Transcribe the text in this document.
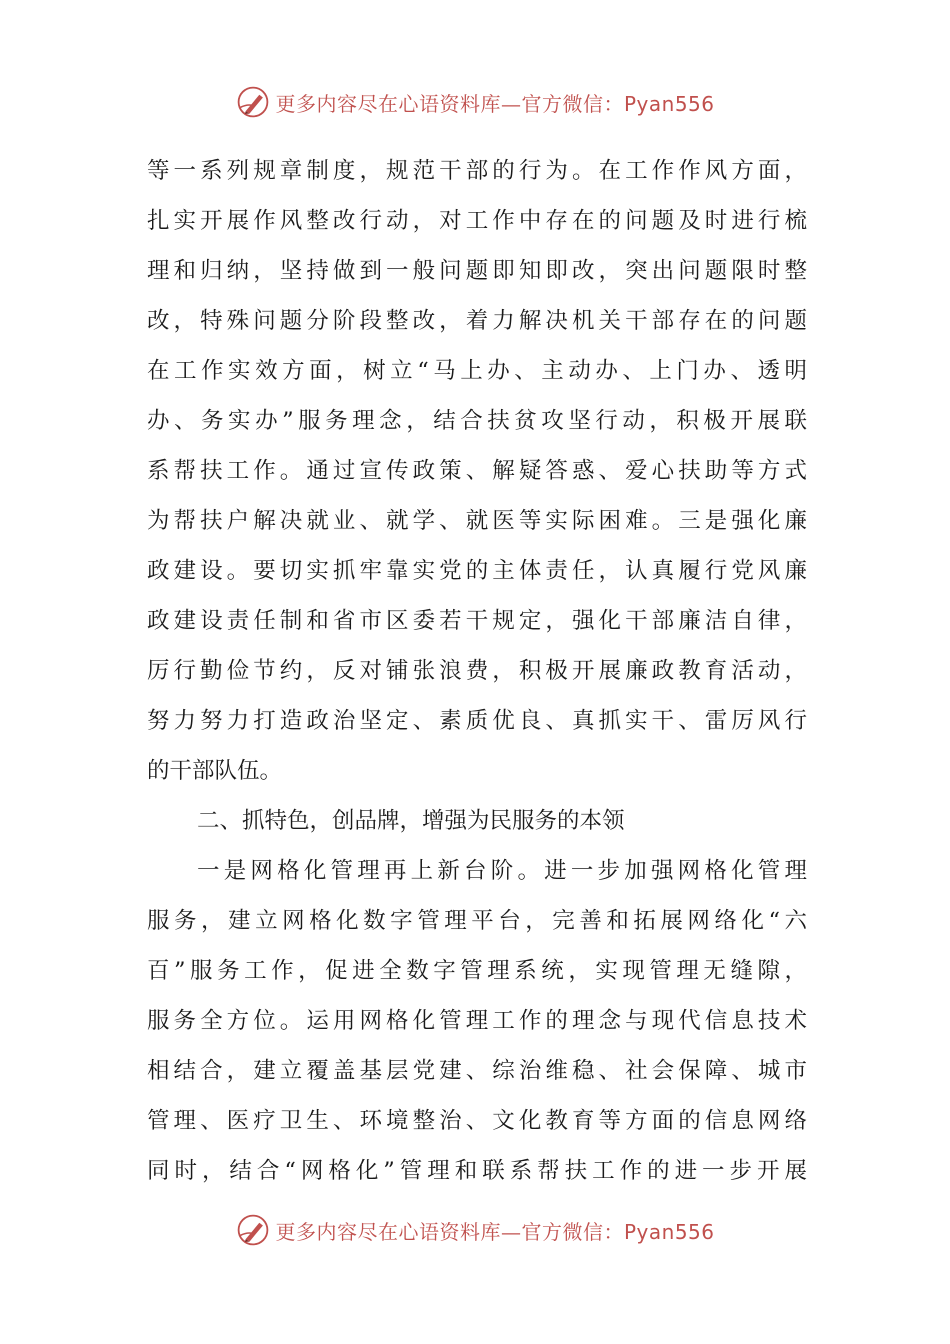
更多内容尽在心语资料库—官方微信：Pyan556
等一系列规章制度，规范干部的行为。在工作作风方面，
扎实开展作风整改行动，对工作中存在的问题及时进行梳
理和归纳，坚持做到一般问题即知即改，突出问题限时整
改，特殊问题分阶段整改，着力解决机关干部存在的问题
在工作实效方面，树立“马上办、主动办、上门办、透明
办、务实办”服务理念，结合扶贫攻坚行动，积极开展联
系帮扶工作。通过宣传政策、解疑答惑、爱心扶助等方式
为帮扶户解决就业、就学、就医等实际困难。三是强化廉
政建设。要切实抓牢靠实党的主体责任，认真履行党风廉
政建设责任制和省市区委若干规定，强化干部廉洁自律，
厉行勤俭节约，反对铺张浪费，积极开展廉政教育活动，
努力努力打造政治坚定、素质优良、真抓实干、雷厉风行
的干部队伍。
二、抓特色，创品牌，增强为民服务的本领
一是网格化管理再上新台阶。进一步加强网格化管理
服务，建立网格化数字管理平台，完善和拓展网络化“六
百”服务工作，促进全数字管理系统，实现管理无缝隙，
服务全方位。运用网格化管理工作的理念与现代信息技术
相结合，建立覆盖基层党建、综治维稳、社会保障、城市
管理、医疗卫生、环境整治、文化教育等方面的信息网络
同时，结合“网格化”管理和联系帮扶工作的进一步开展
更多内容尽在心语资料库—官方微信：Pyan556
